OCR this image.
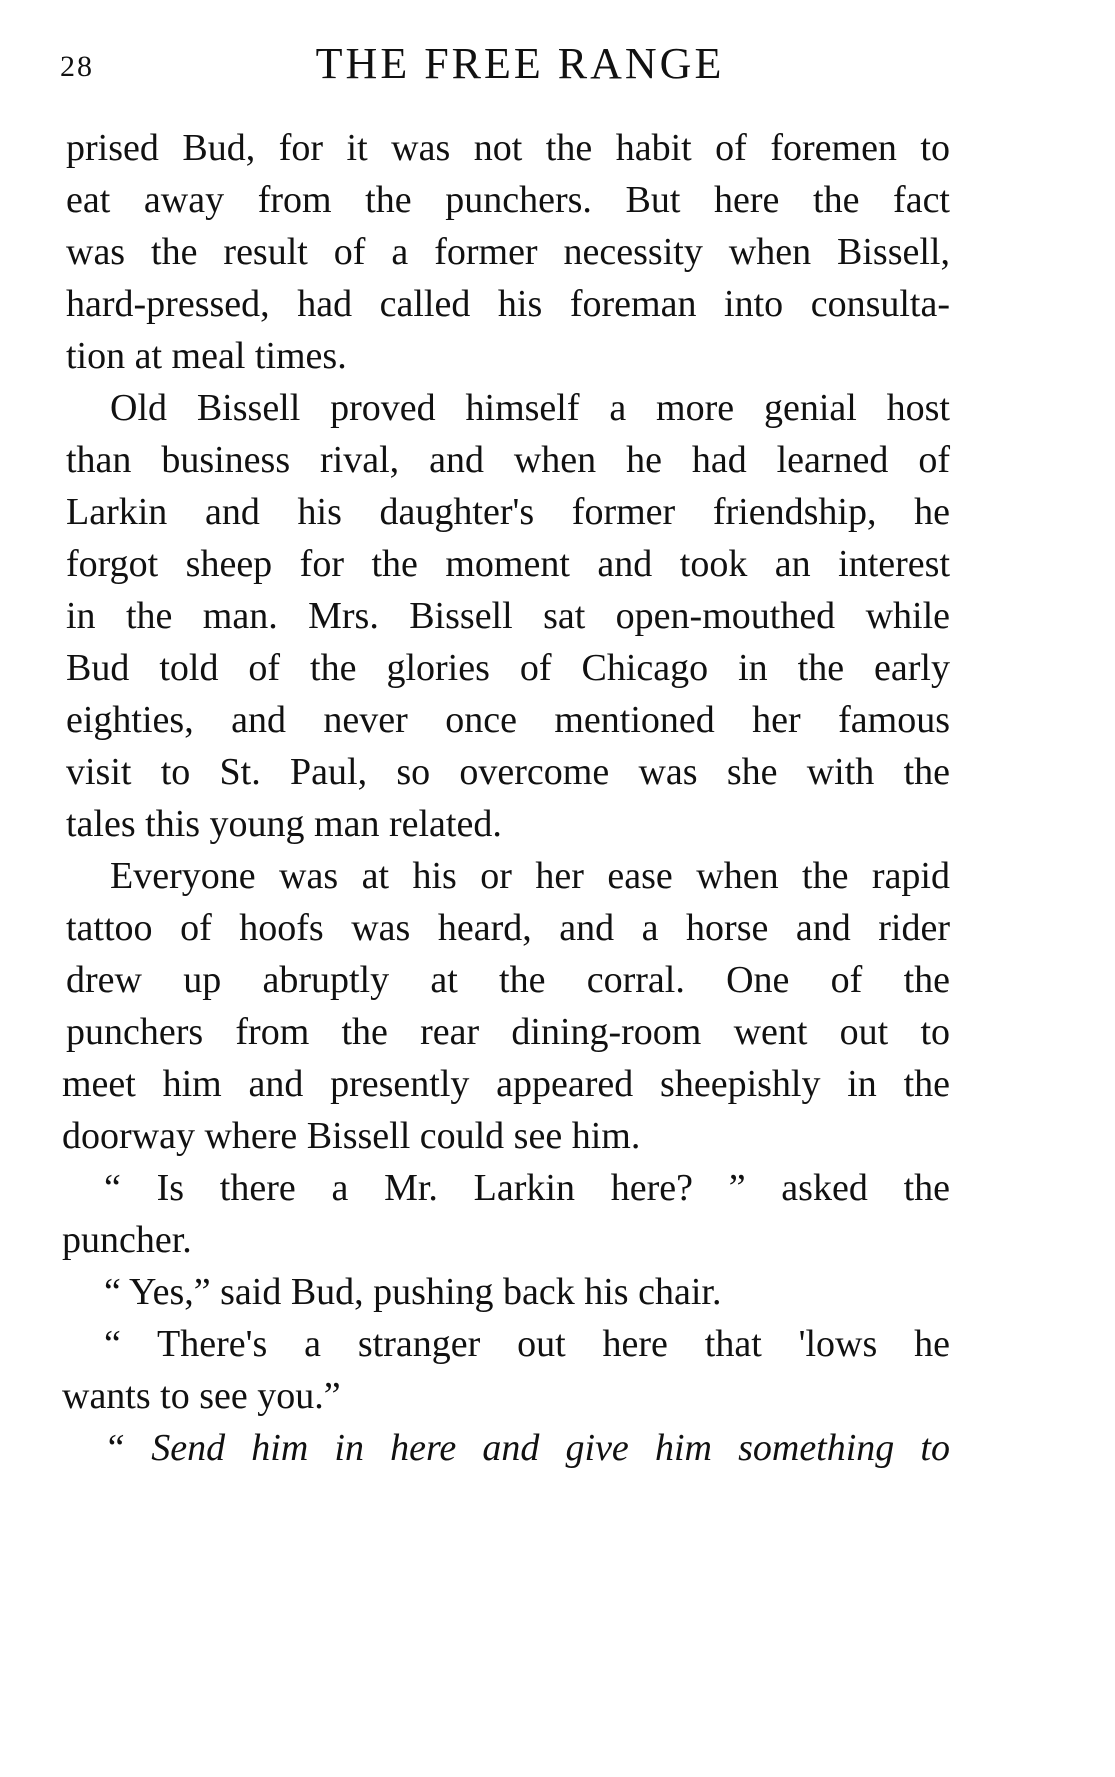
28	THE FREE RANGE
prised Bud, for it was not the habit of foremen to
eat away from the punchers. But here the fact
was the result of a former necessity when Bissell,
hard-pressed, had called his foreman into consulta-
tion at meal times.
Old Bissell proved himself a more genial host
than business rival, and when he had learned of
Larkin and his daughter's former friendship, he
forgot sheep for the moment and took an interest
in the man. Mrs. Bissell sat open-mouthed while
Bud told of the glories of Chicago in the early
eighties, and never once mentioned her famous
visit to St. Paul, so overcome was she with the
tales this young man related.
Everyone was at his or her ease when the rapid
tattoo of hoofs was heard, and a horse and rider
drew up abruptly at the corral. One of the
punchers from the rear dining-room went out to
meet him and presently appeared sheepishly in the
doorway where Bissell could see him.
“ Is there a Mr. Larkin here? ” asked the
puncher.
“ Yes,” said Bud, pushing back his chair.
“ There's a stranger out here that 'lows he
wants to see you.”
“ Send him in here and give him something to
